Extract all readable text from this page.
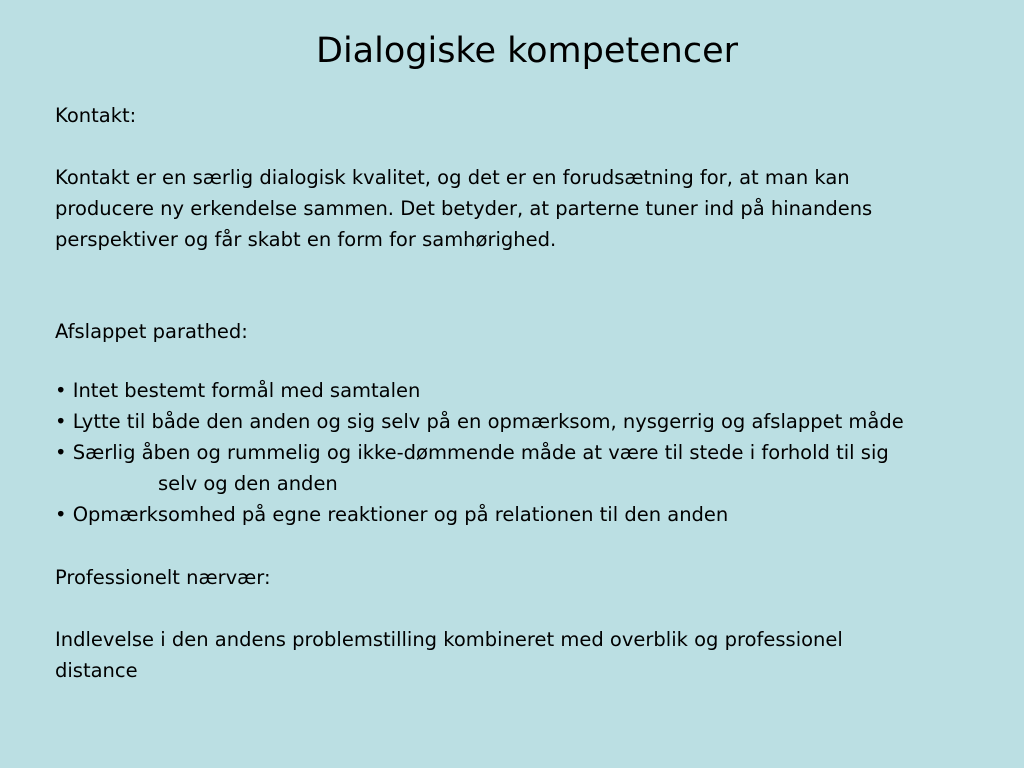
Dialogiske kompetencer

Kontakt:

Kontakt er en særlig dialogisk kvalitet, og det er en forudsætning for, at man kan
producere ny erkendelse sammen. Det betyder, at parterne tuner ind på hinandens
perspektiver og får skabt en form for samhørighed.

Afslappet parathed:

• Intet bestemt formål med samtalen
• Lytte til både den anden og sig selv på en opmærksom, nysgerrig og afslappet måde
• Særlig åben og rummelig og ikke-dømmende måde at være til stede i forhold til sig
selv og den anden
• Opmærksomhed på egne reaktioner og på relationen til den anden

Professionelt nærvær:

Indlevelse i den andens problemstilling kombineret med overblik og professionel
distance
